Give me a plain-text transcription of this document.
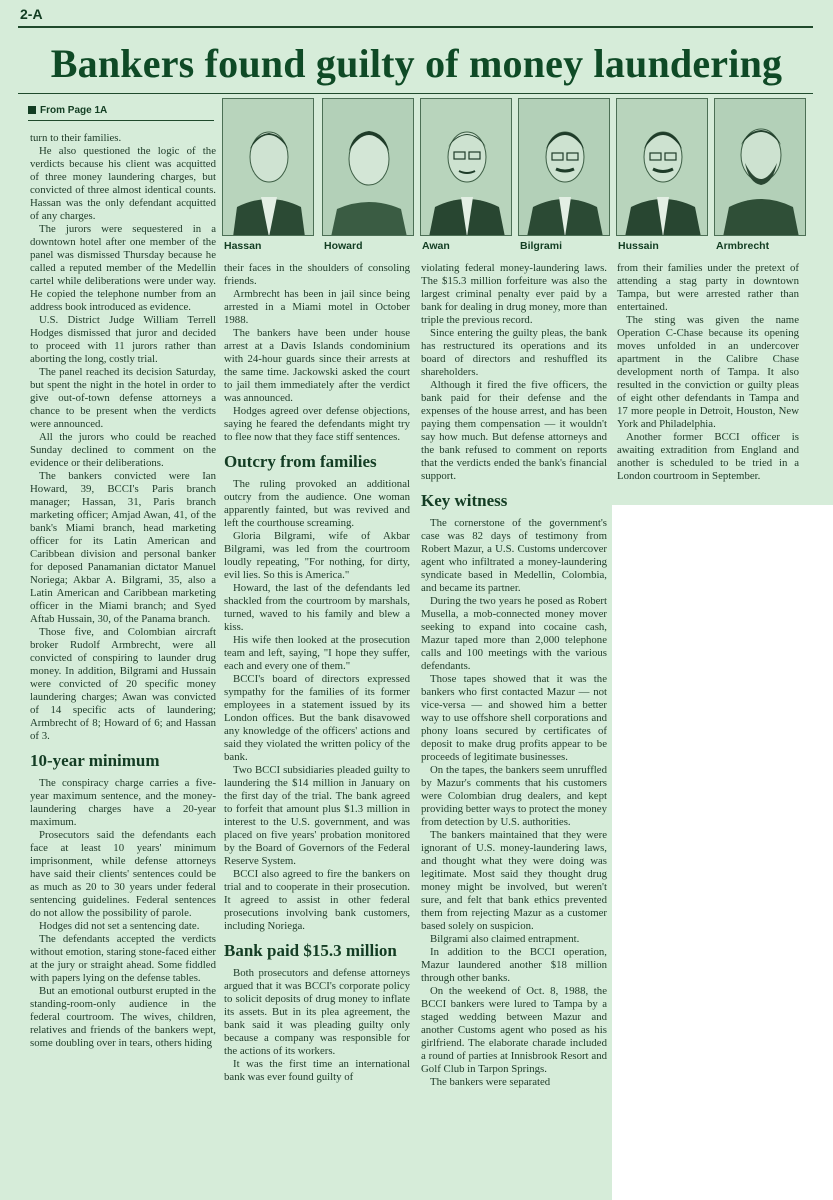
2-A
Bankers found guilty of money laundering
From Page 1A
Hassan	Howard	Awan	Bilgrami	Hussain	Armbrecht

turn to their families.

He also questioned the logic of the verdicts because his client was acquitted of three money laundering charges, but convicted of three almost identical counts. Hassan was the only defendant acquitted of any charges.

The jurors were sequestered in a downtown hotel after one member of the panel was dismissed Thursday because he called a reputed member of the Medellin cartel while deliberations were under way. He copied the telephone number from an address book introduced as evidence.

U.S. District Judge William Terrell Hodges dismissed that juror and decided to proceed with 11 jurors rather than aborting the long, costly trial.

The panel reached its decision Saturday, but spent the night in the hotel in order to give out-of-town defense attorneys a chance to be present when the verdicts were announced.

All the jurors who could be reached Sunday declined to comment on the evidence or their deliberations.

The bankers convicted were Ian Howard, 39, BCCI's Paris branch manager; Hassan, 31, Paris branch marketing officer; Amjad Awan, 41, of the bank's Miami branch, head marketing officer for its Latin American and Caribbean division and personal banker for deposed Panamanian dictator Manuel Noriega; Akbar A. Bilgrami, 35, also a Latin American and Caribbean marketing officer in the Miami branch; and Syed Aftab Hussain, 30, of the Panama branch.

Those five, and Colombian aircraft broker Rudolf Armbrecht, were all convicted of conspiring to launder drug money. In addition, Bilgrami and Hussain were convicted of 20 specific money laundering charges; Awan was convicted of 14 specific acts of laundering; Armbrecht of 8; Howard of 6; and Hassan of 3.

10-year minimum

The conspiracy charge carries a five-year maximum sentence, and the money-laundering charges have a 20-year maximum.

Prosecutors said the defendants each face at least 10 years' minimum imprisonment, while defense attorneys have said their clients' sentences could be as much as 20 to 30 years under federal sentencing guidelines. Federal sentences do not allow the possibility of parole.

Hodges did not set a sentencing date.

The defendants accepted the verdicts without emotion, staring stone-faced either at the jury or straight ahead. Some fiddled with papers lying on the defense tables.

But an emotional outburst erupted in the standing-room-only audience in the federal courtroom. The wives, children, relatives and friends of the bankers wept, some doubling over in tears, others hiding

their faces in the shoulders of consoling friends.

Armbrecht has been in jail since being arrested in a Miami motel in October 1988.

The bankers have been under house arrest at a Davis Islands condominium with 24-hour guards since their arrests at the same time. Jackowski asked the court to jail them immediately after the verdict was announced.

Hodges agreed over defense objections, saying he feared the defendants might try to flee now that they face stiff sentences.

Outcry from families

The ruling provoked an additional outcry from the audience. One woman apparently fainted, but was revived and left the courthouse screaming.

Gloria Bilgrami, wife of Akbar Bilgrami, was led from the courtroom loudly repeating, "For nothing, for dirty, evil lies. So this is America."

Howard, the last of the defendants led shackled from the courtroom by marshals, turned, waved to his family and blew a kiss.

His wife then looked at the prosecution team and left, saying, "I hope they suffer, each and every one of them."

BCCI's board of directors expressed sympathy for the families of its former employees in a statement issued by its London offices. But the bank disavowed any knowledge of the officers' actions and said they violated the written policy of the bank.

Two BCCI subsidiaries pleaded guilty to laundering the $14 million in January on the first day of the trial. The bank agreed to forfeit that amount plus $1.3 million in interest to the U.S. government, and was placed on five years' probation monitored by the Board of Governors of the Federal Reserve System.

BCCI also agreed to fire the bankers on trial and to cooperate in their prosecution. It agreed to assist in other federal prosecutions involving bank customers, including Noriega.

Bank paid $15.3 million

Both prosecutors and defense attorneys argued that it was BCCI's corporate policy to solicit deposits of drug money to inflate its assets. But in its plea agreement, the bank said it was pleading guilty only because a company was responsible for the actions of its workers.

It was the first time an international bank was ever found guilty of

violating federal money-laundering laws. The $15.3 million forfeiture was also the largest criminal penalty ever paid by a bank for dealing in drug money, more than triple the previous record.

Since entering the guilty pleas, the bank has restructured its operations and its board of directors and reshuffled its shareholders.

Although it fired the five officers, the bank paid for their defense and the expenses of the house arrest, and has been paying them compensation — it wouldn't say how much. But defense attorneys and the bank refused to comment on reports that the verdicts ended the bank's financial support.

Key witness

The cornerstone of the government's case was 82 days of testimony from Robert Mazur, a U.S. Customs undercover agent who infiltrated a money-laundering syndicate based in Medellin, Colombia, and became its partner.

During the two years he posed as Robert Musella, a mob-connected money mover seeking to expand into cocaine cash, Mazur taped more than 2,000 telephone calls and 100 meetings with the various defendants.

Those tapes showed that it was the bankers who first contacted Mazur — not vice-versa — and showed him a better way to use offshore shell corporations and phony loans secured by certificates of deposit to make drug profits appear to be proceeds of legitimate businesses.

On the tapes, the bankers seem unruffled by Mazur's comments that his customers were Colombian drug dealers, and kept providing better ways to protect the money from detection by U.S. authorities.

The bankers maintained that they were ignorant of U.S. money-laundering laws, and thought what they were doing was legitimate. Most said they thought drug money might be involved, but weren't sure, and felt that bank ethics prevented them from rejecting Mazur as a customer based solely on suspicion.

Bilgrami also claimed entrapment.

In addition to the BCCI operation, Mazur laundered another $18 million through other banks.

On the weekend of Oct. 8, 1988, the BCCI bankers were lured to Tampa by a staged wedding between Mazur and another Customs agent who posed as his girlfriend. The elaborate charade included a round of parties at Innisbrook Resort and Golf Club in Tarpon Springs.

The bankers were separated

from their families under the pretext of attending a stag party in downtown Tampa, but were arrested rather than entertained.

The sting was given the name Operation C-Chase because its opening moves unfolded in an undercover apartment in the Calibre Chase development north of Tampa. It also resulted in the conviction or guilty pleas of eight other defendants in Tampa and 17 more people in Detroit, Houston, New York and Philadelphia.

Another former BCCI officer is awaiting extradition from England and another is scheduled to be tried in a London courtroom in September.
